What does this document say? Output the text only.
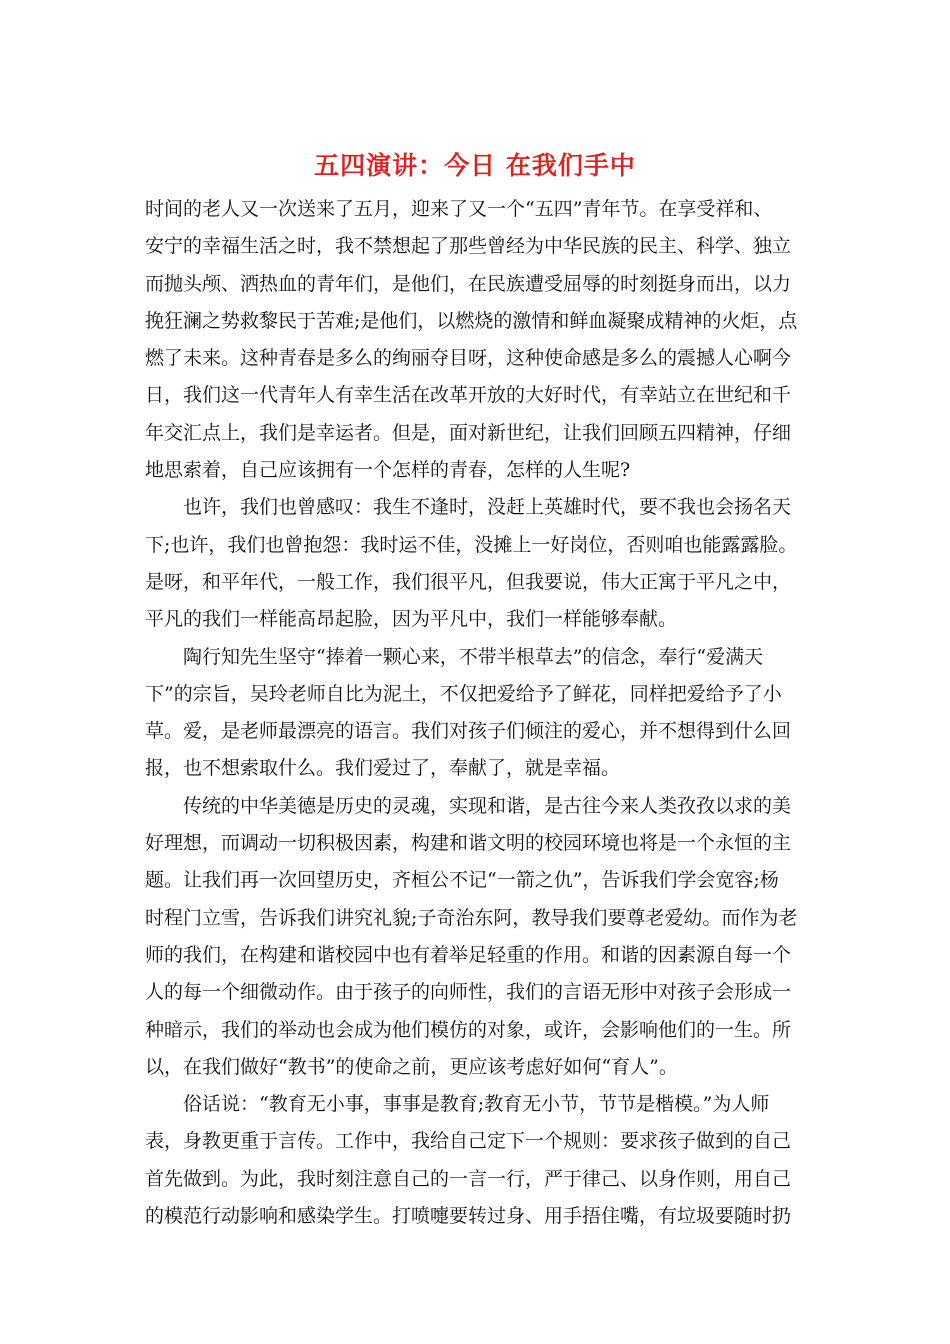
五四演讲：今日 在我们手中

时间的老人又一次送来了五月，迎来了又一个“五四”青年节。在享受祥和、
安宁的幸福生活之时，我不禁想起了那些曾经为中华民族的民主、科学、独立
而抛头颅、洒热血的青年们，是他们，在民族遭受屈辱的时刻挺身而出，以力
挽狂澜之势救黎民于苦难;是他们，以燃烧的激情和鲜血凝聚成精神的火炬，点
燃了未来。这种青春是多么的绚丽夺目呀，这种使命感是多么的震撼人心啊今
日，我们这一代青年人有幸生活在改革开放的大好时代，有幸站立在世纪和千
年交汇点上，我们是幸运者。但是，面对新世纪，让我们回顾五四精神，仔细
地思索着，自己应该拥有一个怎样的青春，怎样的人生呢?

也许，我们也曾感叹：我生不逢时，没赶上英雄时代，要不我也会扬名天
下;也许，我们也曾抱怨：我时运不佳，没摊上一好岗位，否则咱也能露露脸。
是呀，和平年代，一般工作，我们很平凡，但我要说，伟大正寓于平凡之中，
平凡的我们一样能高昂起脸，因为平凡中，我们一样能够奉献。

陶行知先生坚守“捧着一颗心来，不带半根草去”的信念，奉行“爱满天
下”的宗旨，吴玲老师自比为泥土，不仅把爱给予了鲜花，同样把爱给予了小
草。爱，是老师最漂亮的语言。我们对孩子们倾注的爱心，并不想得到什么回
报，也不想索取什么。我们爱过了，奉献了，就是幸福。

传统的中华美德是历史的灵魂，实现和谐，是古往今来人类孜孜以求的美
好理想，而调动一切积极因素，构建和谐文明的校园环境也将是一个永恒的主
题。让我们再一次回望历史，齐桓公不记“一箭之仇”，告诉我们学会宽容;杨
时程门立雪，告诉我们讲究礼貌;子奇治东阿，教导我们要尊老爱幼。而作为老
师的我们，在构建和谐校园中也有着举足轻重的作用。和谐的因素源自每一个
人的每一个细微动作。由于孩子的向师性，我们的言语无形中对孩子会形成一
种暗示，我们的举动也会成为他们模仿的对象，或许，会影响他们的一生。所
以，在我们做好“教书”的使命之前，更应该考虑好如何“育人”。

俗话说：“教育无小事，事事是教育;教育无小节，节节是楷模。”为人师
表，身教更重于言传。工作中，我给自己定下一个规则：要求孩子做到的自己
首先做到。为此，我时刻注意自己的一言一行，严于律己、以身作则，用自己
的模范行动影响和感染学生。打喷嚏要转过身、用手捂住嘴，有垃圾要随时扔
